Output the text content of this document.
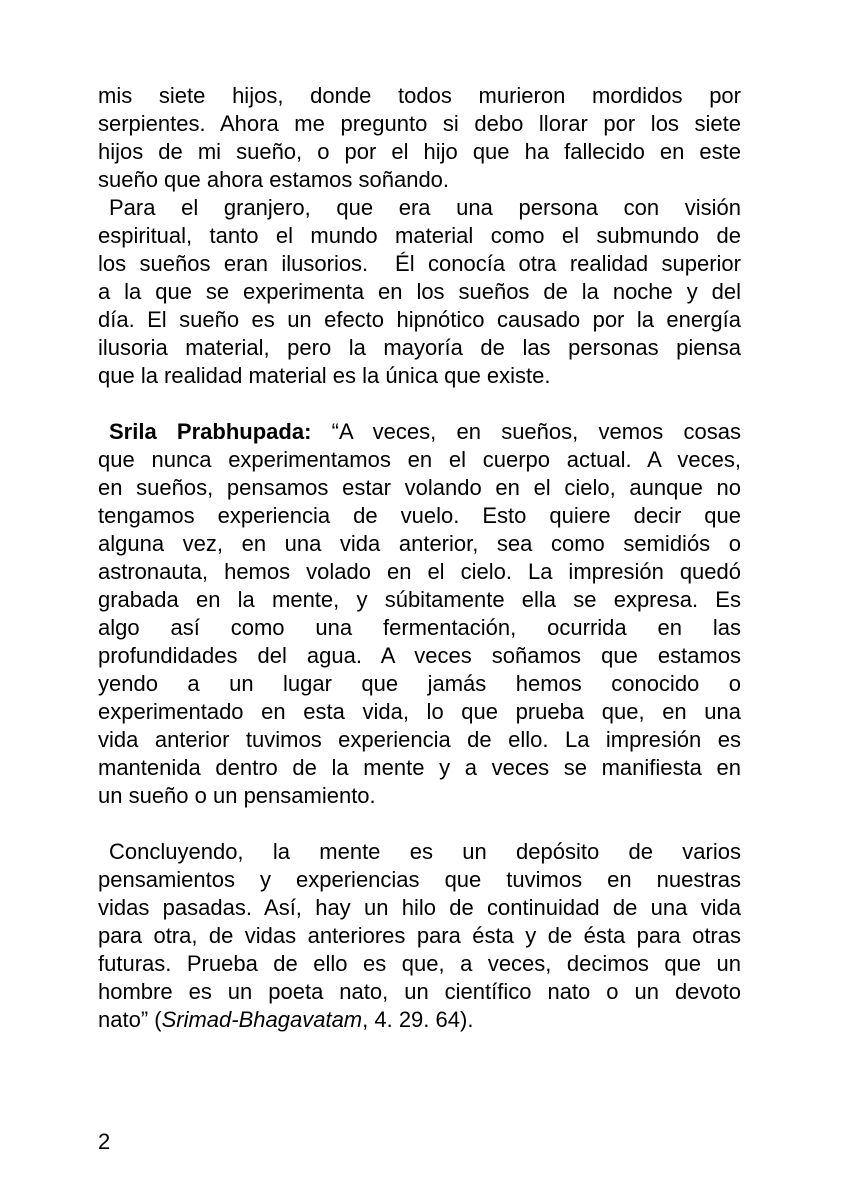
mis siete hijos, donde todos murieron mordidos por
serpientes. Ahora me pregunto si debo llorar por los siete
hijos de mi sueño, o por el hijo que ha fallecido en este
sueño que ahora estamos soñando.

Para el granjero, que era una persona con visión
espiritual, tanto el mundo material como el submundo de
los sueños eran ilusorios.  Él conocía otra realidad superior
a la que se experimenta en los sueños de la noche y del
día. El sueño es un efecto hipnótico causado por la energía
ilusoria material, pero la mayoría de las personas piensa
que la realidad material es la única que existe.

Srila Prabhupada: “A veces, en sueños, vemos cosas
que nunca experimentamos en el cuerpo actual. A veces,
en sueños, pensamos estar volando en el cielo, aunque no
tengamos experiencia de vuelo. Esto quiere decir que
alguna vez, en una vida anterior, sea como semidiós o
astronauta, hemos volado en el cielo. La impresión quedó
grabada en la mente, y súbitamente ella se expresa. Es
algo así como una fermentación, ocurrida en las
profundidades del agua. A veces soñamos que estamos
yendo a un lugar que jamás hemos conocido o
experimentado en esta vida, lo que prueba que, en una
vida anterior tuvimos experiencia de ello. La impresión es
mantenida dentro de la mente y a veces se manifiesta en
un sueño o un pensamiento.

Concluyendo, la mente es un depósito de varios
pensamientos y experiencias que tuvimos en nuestras
vidas pasadas. Así, hay un hilo de continuidad de una vida
para otra, de vidas anteriores para ésta y de ésta para otras
futuras. Prueba de ello es que, a veces, decimos que un
hombre es un poeta nato, un científico nato o un devoto
nato” (Srimad-Bhagavatam, 4. 29. 64).

2
